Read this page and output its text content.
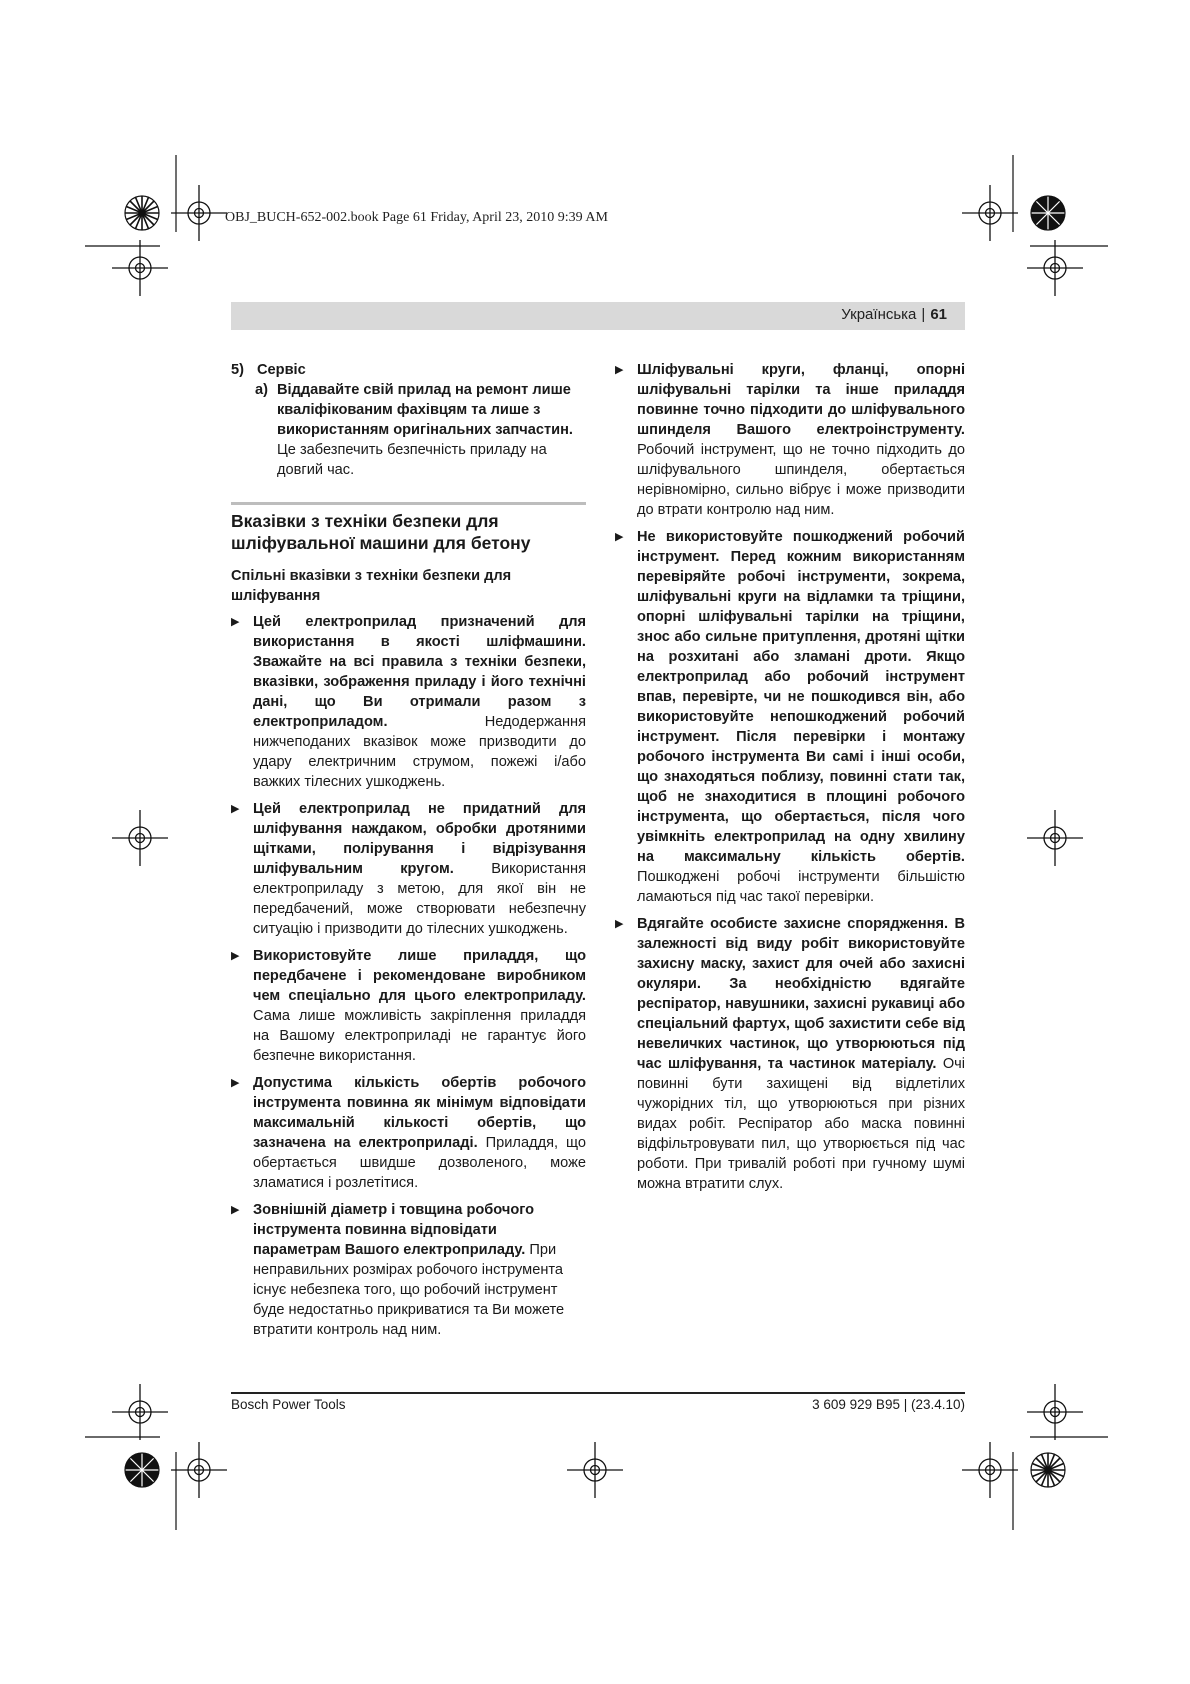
OBJ_BUCH-652-002.book Page 61 Friday, April 23, 2010 9:39 AM
Українська | 61
5) Сервіс
a) Віддавайте свій прилад на ремонт лише кваліфікованим фахівцям та лише з використанням оригінальних запчастин.

Це забезпечить безпечність приладу на довгий час.

Вказівки з техніки безпеки для шліфувальної машини для бетону
Спільні вказівки з техніки безпеки для шліфування
▶ Цей електроприлад призначений для використання в якості шліфмашини. Зважайте на всі правила з техніки безпеки, вказівки, зображення приладу і його технічні дані, що Ви отримали разом з електроприладом.	Недодержання нижчеподаних вказівок може призводити до удару електричним струмом, пожежі і/або важких тілесних ушкоджень.
▶ Цей електроприлад не придатний для шліфування наждаком, обробки дротяними щітками, полірування і відрізування шліфувальним кругом.	Використання електроприладу з метою, для якої він не передбачений, може створювати небезпечну ситуацію і призводити до тілесних ушкоджень.
▶ Використовуйте лише приладдя, що передбачене і рекомендоване виробником чем спеціально для цього електроприладу. Сама лише можливість закріплення приладдя на Вашому електроприладі не гарантує його безпечне використання.
▶ Допустима кількість обертів робочого інструмента повинна як мінімум відповідати максимальній кількості обертів, що зазначена на електроприладі. Приладдя, що обертається швидше дозволеного, може зламатися і розлетітися.
▶ Зовнішній діаметр і товщина робочого інструмента повинна відповідати параметрам Вашого електроприладу. При неправильних розмірах робочого інструмента існує небезпека того, що робочий інструмент буде недостатньо прикриватися та Ви можете втратити контроль над ним.
▶ Шліфувальні круги, фланці, опорні шліфувальні тарілки та інше приладдя повинне точно підходити до шліфувального шпинделя Вашого електроінструменту. Робочий інструмент, що не точно підходить до шліфувального шпинделя, обертається нерівномірно, сильно вібрує і може призводити до втрати контролю над ним.
▶ Не використовуйте пошкоджений робочий інструмент. Перед кожним використанням перевіряйте робочі інструменти, зокрема, шліфувальні круги на відламки та тріщини, опорні шліфувальні тарілки на тріщини, знос або сильне притуплення, дротяні щітки на розхитані або зламані дроти. Якщо електроприлад або робочий інструмент впав, перевірте, чи не пошкодився він, або використовуйте непошкоджений робочий інструмент. Після перевірки і монтажу робочого інструмента Ви самі і інші особи, що знаходяться поблизу, повинні стати так, щоб не знаходитися в площині робочого інструмента, що обертається, після чого увімкніть електроприлад на одну хвилину на максимальну кількість обертів. Пошкоджені робочі інструменти більшістю ламаються під час такої перевірки.
▶ Вдягайте особисте захисне спорядження. В залежності від виду робіт використовуйте захисну маску, захист для очей або захисні окуляри. За необхідністю вдягайте респіратор, навушники, захисні рукавиці або спеціальний фартух, щоб захистити себе від невеличких частинок, що утворюються під час шліфування, та частинок матеріалу. Очі повинні бути захищені від відлетілих чужорідних тіл, що утворюються при різних видах робіт. Респіратор або маска повинні відфільтровувати пил, що утворюється під час роботи. При тривалій роботі при гучному шумі можна втратити слух.
Bosch Power Tools	3 609 929 B95 | (23.4.10)
